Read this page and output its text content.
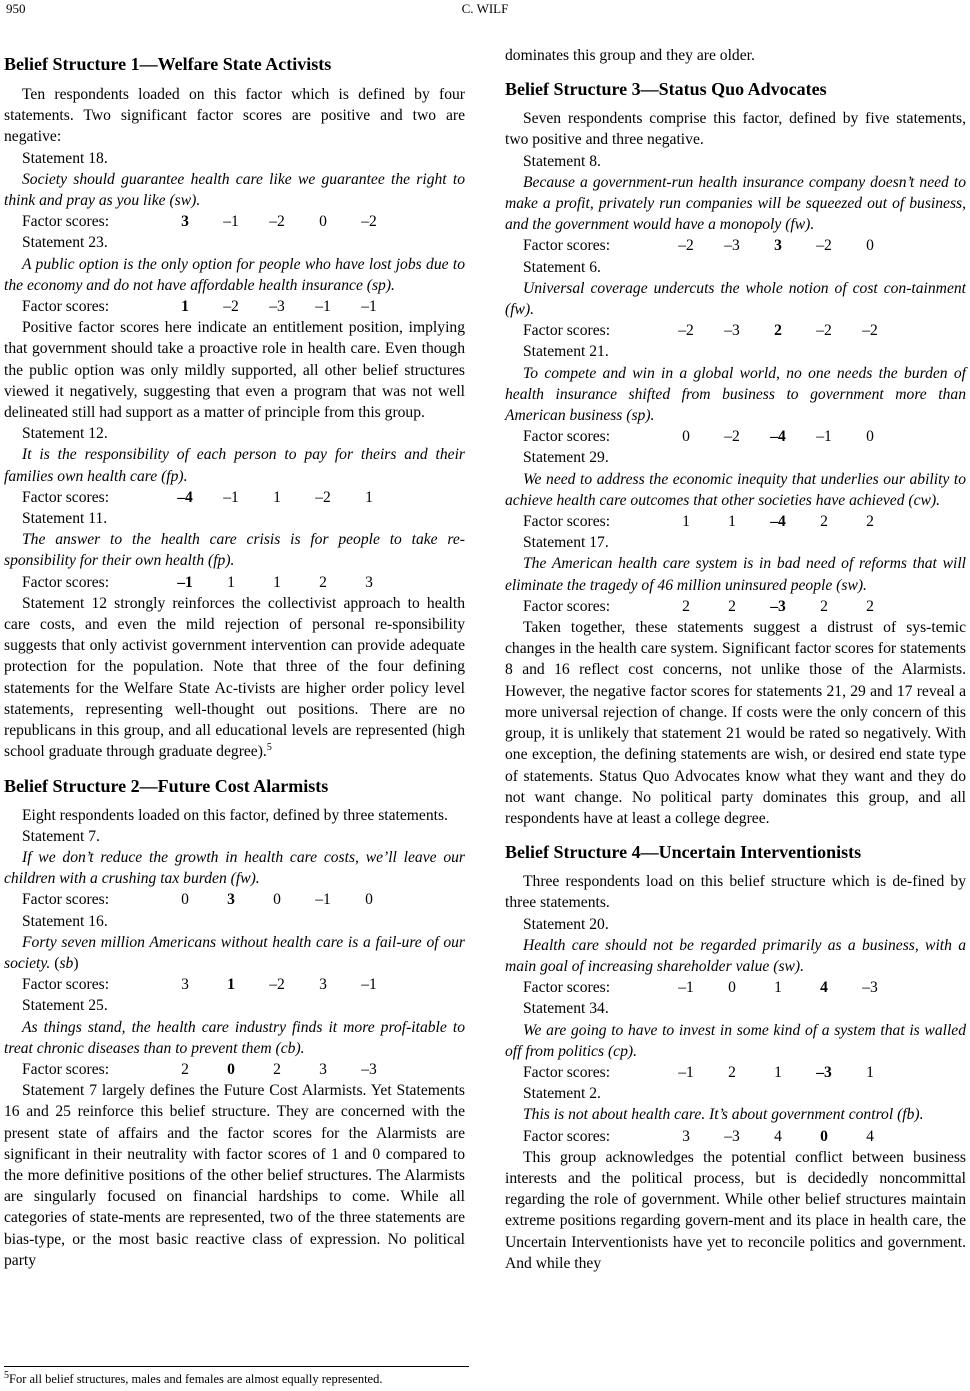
950	C. WILF
Belief Structure 1—Welfare State Activists

Ten respondents loaded on this factor which is defined by four statements. Two significant factor scores are positive and two are negative:

Statement 18.

Society should guarantee health care like we guarantee the right to think and pray as you like (sw).

Factor scores:	3 –1 –2 0 –2

Statement 23.

A public option is the only option for people who have lost jobs due to the economy and do not have affordable health insurance (sp).

Factor scores:	1 –2 –3 –1 –1

Positive factor scores here indicate an entitlement position, implying that government should take a proactive role in health care. Even though the public option was only mildly supported, all other belief structures viewed it negatively, suggesting that even a program that was not well delineated still had support as a matter of principle from this group.

Statement 12.

It is the responsibility of each person to pay for theirs and their families own health care (fp).

Factor scores:	–4 –1 1 –2 1

Statement 11.

The answer to the health care crisis is for people to take re-sponsibility for their own health (fp).

Factor scores:	–1 1 1 2 3

Statement 12 strongly reinforces the collectivist approach to health care costs, and even the mild rejection of personal re-sponsibility suggests that only activist government intervention can provide adequate protection for the population. Note that three of the four defining statements for the Welfare State Ac-tivists are higher order policy level statements, representing well-thought out positions. There are no republicans in this group, and all educational levels are represented (high school graduate through graduate degree).$^5$

Belief Structure 2—Future Cost Alarmists

Eight respondents loaded on this factor, defined by three statements.

Statement 7.

If we don’t reduce the growth in health care costs, we’ll leave our children with a crushing tax burden (fw).

Factor scores:	0 3 0 –1 0

Statement 16.

Forty seven million Americans without health care is a fail-ure of our society. (sb)

Factor scores:	3 1 –2 3 –1

Statement 25.

As things stand, the health care industry finds it more prof-itable to treat chronic diseases than to prevent them (cb).

Factor scores:	2 0 2 3 –3

Statement 7 largely defines the Future Cost Alarmists. Yet Statements 16 and 25 reinforce this belief structure. They are concerned with the present state of affairs and the factor scores for the Alarmists are significant in their neutrality with factor scores of 1 and 0 compared to the more definitive positions of the other belief structures. The Alarmists are singularly focused on financial hardships to come. While all categories of state-ments are represented, two of the three statements are bias-type, or the most basic reactive class of expression. No political party

dominates this group and they are older.

Belief Structure 3—Status Quo Advocates

Seven respondents comprise this factor, defined by five statements, two positive and three negative.

Statement 8.

Because a government-run health insurance company doesn’t need to make a profit, privately run companies will be squeezed out of business, and the government would have a monopoly (fw).

Factor scores:	–2 –3 3 –2 0

Statement 6.

Universal coverage undercuts the whole notion of cost con-tainment (fw).

Factor scores:	–2 –3 2 –2 –2

Statement 21.

To compete and win in a global world, no one needs the burden of health insurance shifted from business to government more than American business (sp).

Factor scores:	0 –2 –4 –1 0

Statement 29.

We need to address the economic inequity that underlies our ability to achieve health care outcomes that other societies have achieved (cw).

Factor scores:	1 1 –4 2 2

Statement 17.

The American health care system is in bad need of reforms that will eliminate the tragedy of 46 million uninsured people (sw).

Factor scores:	2 2 –3 2 2

Taken together, these statements suggest a distrust of sys-temic changes in the health care system. Significant factor scores for statements 8 and 16 reflect cost concerns, not unlike those of the Alarmists. However, the negative factor scores for statements 21, 29 and 17 reveal a more universal rejection of change. If costs were the only concern of this group, it is unlikely that statement 21 would be rated so negatively. With one exception, the defining statements are wish, or desired end state type of statements. Status Quo Advocates know what they want and they do not want change. No political party dominates this group, and all respondents have at least a college degree.

Belief Structure 4—Uncertain Interventionists

Three respondents load on this belief structure which is de-fined by three statements.

Statement 20.

Health care should not be regarded primarily as a business, with a main goal of increasing shareholder value (sw).

Factor scores:	–1 0 1 4 –3

Statement 34.

We are going to have to invest in some kind of a system that is walled off from politics (cp).

Factor scores:	–1 2 1 –3 1

Statement 2.

This is not about health care. It’s about government control (fb).

Factor scores:	3 –3 4 0 4

This group acknowledges the potential conflict between business interests and the political process, but is decidedly noncommittal regarding the role of government. While other belief structures maintain extreme positions regarding govern-ment and its place in health care, the Uncertain Interventionists have yet to reconcile politics and government. And while they

$^5$For all belief structures, males and females are almost equally represented.
